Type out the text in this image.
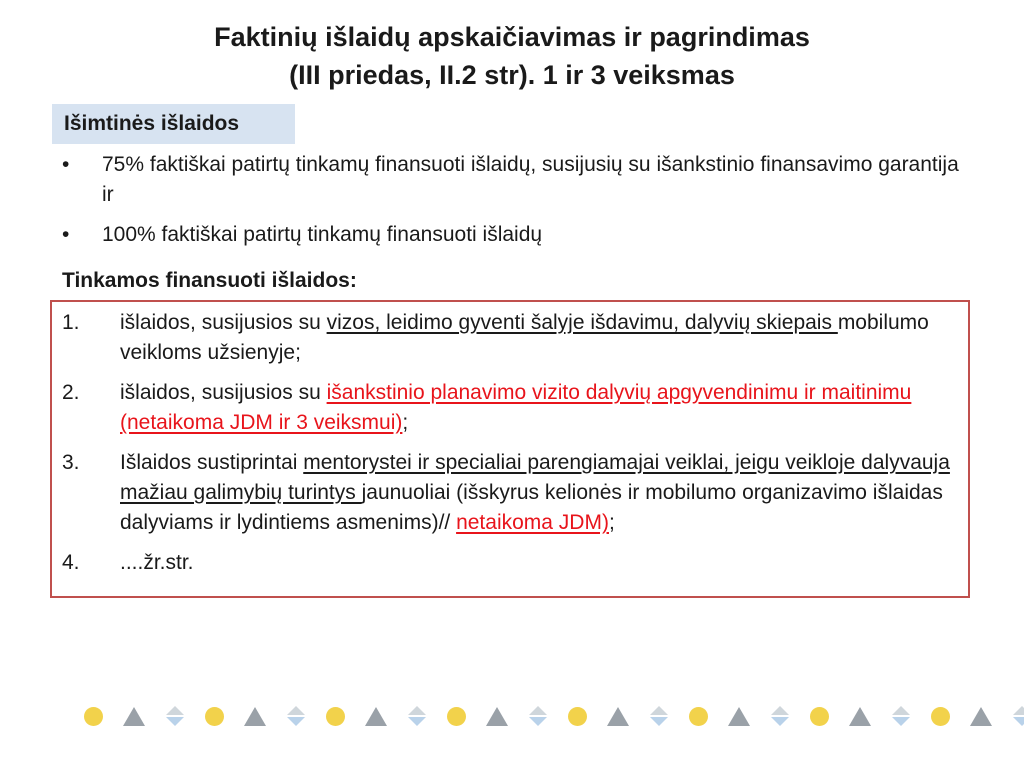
Faktinių išlaidų apskaičiavimas ir pagrindimas
(III priedas, II.2 str). 1 ir 3 veiksmas
Išimtinės išlaidos
• 75% faktiškai patirtų tinkamų finansuoti išlaidų, susijusių su išankstinio finansavimo garantija ir
• 100% faktiškai patirtų tinkamų finansuoti išlaidų
Tinkamos finansuoti išlaidos:
1. išlaidos, susijusios su vizos, leidimo gyventi šalyje išdavimu, dalyvių skiepais mobilumo veikloms užsienyje;
2. išlaidos, susijusios su išankstinio planavimo vizito dalyvių apgyvendinimu ir maitinimu (netaikoma JDM ir 3 veiksmui);
3. Išlaidos sustiprintai mentorystei ir specialiai parengiamajai veiklai, jeigu veikloje dalyvauja mažiau galimybių turintys jaunuoliai (išskyrus kelionės ir mobilumo organizavimo išlaidas dalyviams ir lydintiems asmenims)// netaikoma JDM);
4. ....žr.str.
